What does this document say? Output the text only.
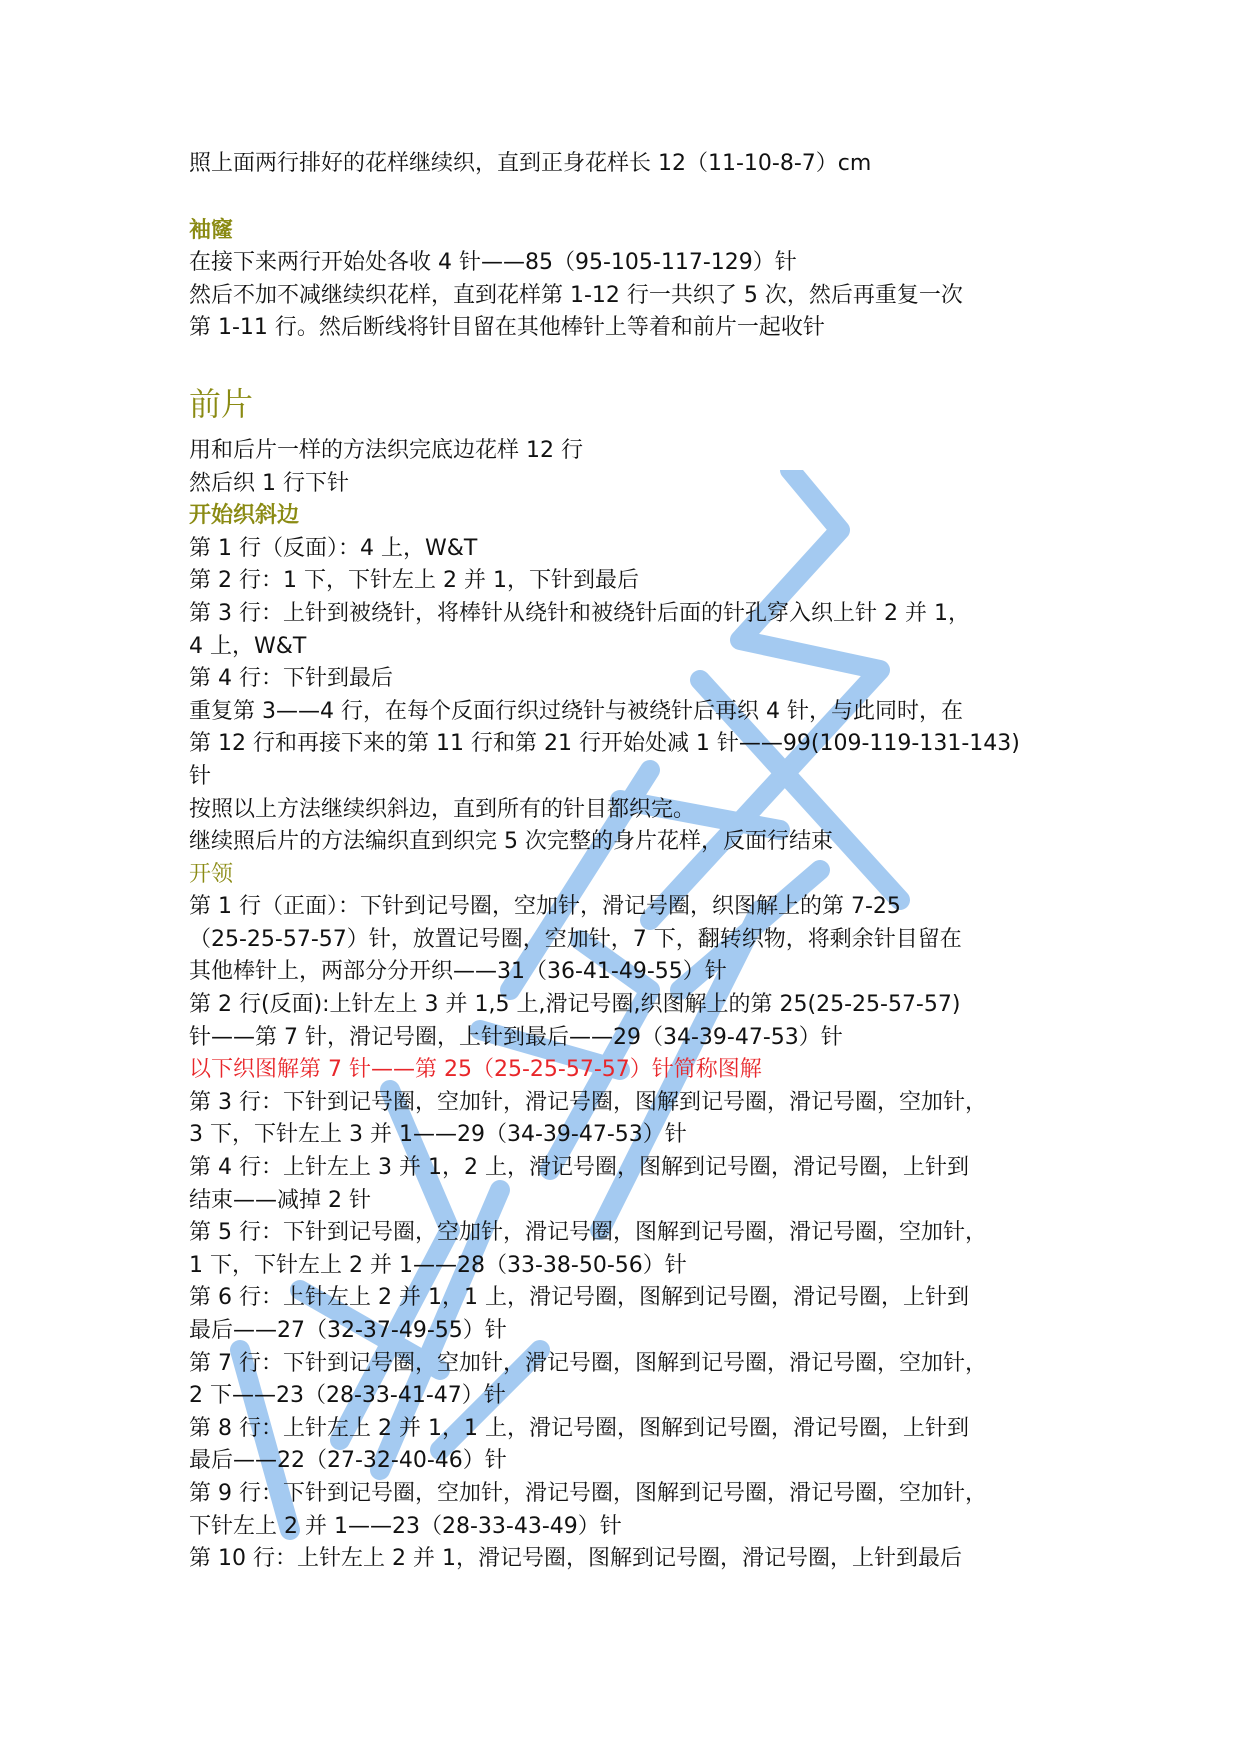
照上面两行排好的花样继续织，直到正身花样长 12（11-10-8-7）cm
袖窿
在接下来两行开始处各收 4 针——85（95-105-117-129）针
然后不加不减继续织花样，直到花样第 1-12 行一共织了 5 次，然后再重复一次
第 1-11 行。然后断线将针目留在其他棒针上等着和前片一起收针
前片
用和后片一样的方法织完底边花样 12 行
然后织 1 行下针
开始织斜边
第 1 行（反面）：4 上，W&T
第 2 行：1 下，下针左上 2 并 1，下针到最后
第 3 行：上针到被绕针，将棒针从绕针和被绕针后面的针孔穿入织上针 2 并 1，
4 上，W&T
第 4 行：下针到最后
重复第 3——4 行，在每个反面行织过绕针与被绕针后再织 4 针，与此同时，在
第 12 行和再接下来的第 11 行和第 21 行开始处减 1 针——99(109-119-131-143)
针
按照以上方法继续织斜边，直到所有的针目都织完。
继续照后片的方法编织直到织完 5 次完整的身片花样，反面行结束
开领
第 1 行（正面）：下针到记号圈，空加针，滑记号圈，织图解上的第 7-25
（25-25-57-57）针，放置记号圈，空加针，7 下，翻转织物，将剩余针目留在
其他棒针上，两部分分开织——31（36-41-49-55）针
第 2 行(反面):上针左上 3 并 1,5 上,滑记号圈,织图解上的第 25(25-25-57-57)
针——第 7 针，滑记号圈，上针到最后——29（34-39-47-53）针
以下织图解第 7 针——第 25（25-25-57-57）针简称图解
第 3 行：下针到记号圈，空加针，滑记号圈，图解到记号圈，滑记号圈，空加针，
3 下，下针左上 3 并 1——29（34-39-47-53）针
第 4 行：上针左上 3 并 1，2 上，滑记号圈，图解到记号圈，滑记号圈，上针到
结束——减掉 2 针
第 5 行：下针到记号圈，空加针，滑记号圈，图解到记号圈，滑记号圈，空加针，
1 下，下针左上 2 并 1——28（33-38-50-56）针
第 6 行：上针左上 2 并 1，1 上，滑记号圈，图解到记号圈，滑记号圈，上针到
最后——27（32-37-49-55）针
第 7 行：下针到记号圈，空加针，滑记号圈，图解到记号圈，滑记号圈，空加针，
2 下——23（28-33-41-47）针
第 8 行：上针左上 2 并 1，1 上，滑记号圈，图解到记号圈，滑记号圈，上针到
最后——22（27-32-40-46）针
第 9 行：下针到记号圈，空加针，滑记号圈，图解到记号圈，滑记号圈，空加针，
下针左上 2 并 1——23（28-33-43-49）针
第 10 行：上针左上 2 并 1，滑记号圈，图解到记号圈，滑记号圈，上针到最后
